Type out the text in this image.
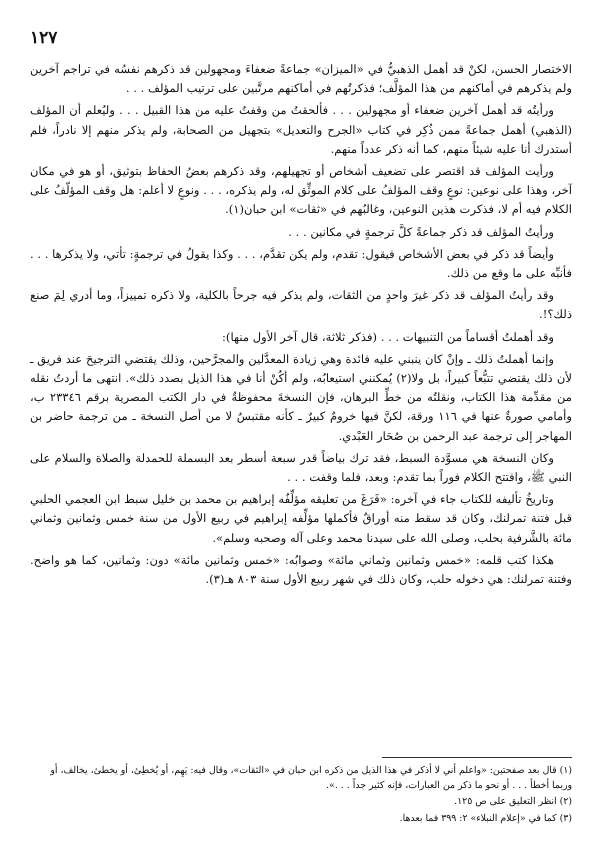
١٢٧

الاختصار الحسن، لكنْ قد أهمل الذهبيُّ في «الميزان» جماعةً ضعفاءَ ومجهولين قد ذكرهم نفسُه في تراجم آخرين ولم يذكرهم في أماكنهم من هذا المؤلَّف؛ فذكرتُهم في أماكنهم مرتَّبين على ترتيب المؤلف . . .

ورأيتُه قد أهمل آخرين ضعفاء أو مجهولين . . . فألحقتُ من وقفتُ عليه من هذا القبيل . . . وليُعلم أن المؤلف (الذهبي) أهمل جماعةً ممن ذُكِر في كتاب «الجرح والتعديل» بتجهيل من الصحابة، ولم يذكر منهم إلا نادراً، فلم أستدرك أنا عليه شيئاً منهم، كما أنه ذكر عدداً منهم.

ورأيت المؤلف قد اقتصر على تضعيف أشخاص أو تجهيلهم، وقد ذكرهم بعضُ الحفاظ بتوثيق، أو هو في مكان آخر، وهذا على نوعين: نوعٍ وقف المؤلفُ على كلام الموثِّق له، ولم يذكره، . . . ونوعٍ لا أعلم: هل وقف المؤلّفُ على الكلام فيه أم لا، فذكرت هذين النوعين، وغالبُهم في «ثقات» ابن حبان(١).

ورأيتُ المؤلف قد ذكر جماعةً كلَّ ترجمةٍ في مكانين . . .

وأيضاً قد ذكر في بعض الأشخاص فيقول: تقدم، ولم يكن تقدَّم، . . . وكذا يقولُ في ترجمةٍ: تأتي، ولا يذكرها . . . فأنبِّه على ما وقع من ذلك.

وقد رأيتُ المؤلف قد ذكر غيرَ واحدٍ من الثقات، ولم يذكر فيه جرحاً بالكلية، ولا ذكره تمييزاً، وما أدري لِمَ صنع ذلك؟!.

وقد أهملتُ أقساماً من التنبيهات . . . (فذكر ثلاثة، قال آخر الأول منها):

وإنما أهملتُ ذلك ـ وإنْ كان ينبني عليه فائدة وهي زيادة المعدَّلين والمجرَّحين، وذلك يقتضي الترجيحَ عند فريق ـ لأن ذلك يقتضي تتبُّعاً كبيراً، بل ولا(٢) يُمكنني استيعابُه، ولم أكُنْ أنا في هذا الذيل بصدد ذلك». انتهى ما أردتُ نقله من مقدِّمة هذا الكتاب، ونقلتُه من خطِّ البرهان، فإن النسخةَ محفوظةٌ في دار الكتب المصرية برقم ٢٣٣٤٦ ب، وأمامي صورةٌ عنها في ١١٦ ورقة، لكنَّ فيها خرومٌ كبيرٌ ـ كأنه مقتبسٌ لا من أصل النسخة ـ من ترجمة حاضر بن المهاجر إلى ترجمة عبد الرحمن بن صُحَار العَبْدي.

وكان النسخة هي مسوَّدة السبط، فقد ترك بياضاً قدر سبعة أسطر بعد البسملة للحمدلة والصلاة والسلام على النبي ﷺ، وافتتح الكلام فوراً بما تقدم: وبعد، فلما وقفت . . .

وتاريخُ تأليفه للكتاب جاء في آخره: «فَرَغَ من تعليقه مؤلِّفُه إبراهيم بن محمد بن خليل سبط ابن العجمي الحلبي قبل فتنة تمرلنك، وكان قد سقط منه أوراقٌ فأكملها مؤلِّفه إبراهيم في ربيع الأول من سنة خمس وثمانين وثماني مائة بالشَّرفية بحلب، وصلى الله على سيدنا محمد وعلى آله وصحبه وسلم».

هكذا كتب قلمه: «خمس وثمانين وثماني مائة» وصوابُه: «خمس وثمانين مائة» دون: وثمانين، كما هو واضح. وفتنة تمرلنك: هي دخوله حلب، وكان ذلك في شهر ربيع الأول سنة ٨٠٣ هـ(٣).

(١) قال بعد صفحتين: «واعلم أني لا أذكر في هذا الذيل من ذكره ابن حبان في «الثقات»، وقال فيه: يَهِم، أو يُخطِئ، أو يخطئ، يخالف، أو وربما أخطأ . . . أو نحو ما ذكر من العبارات، فإنه كثير جداً . . .».

(٢) انظر التعليق على ص ١٢٥.

(٣) كما في «إعلام النبلاء» ٢: ٣٩٩ فما بعدها.
